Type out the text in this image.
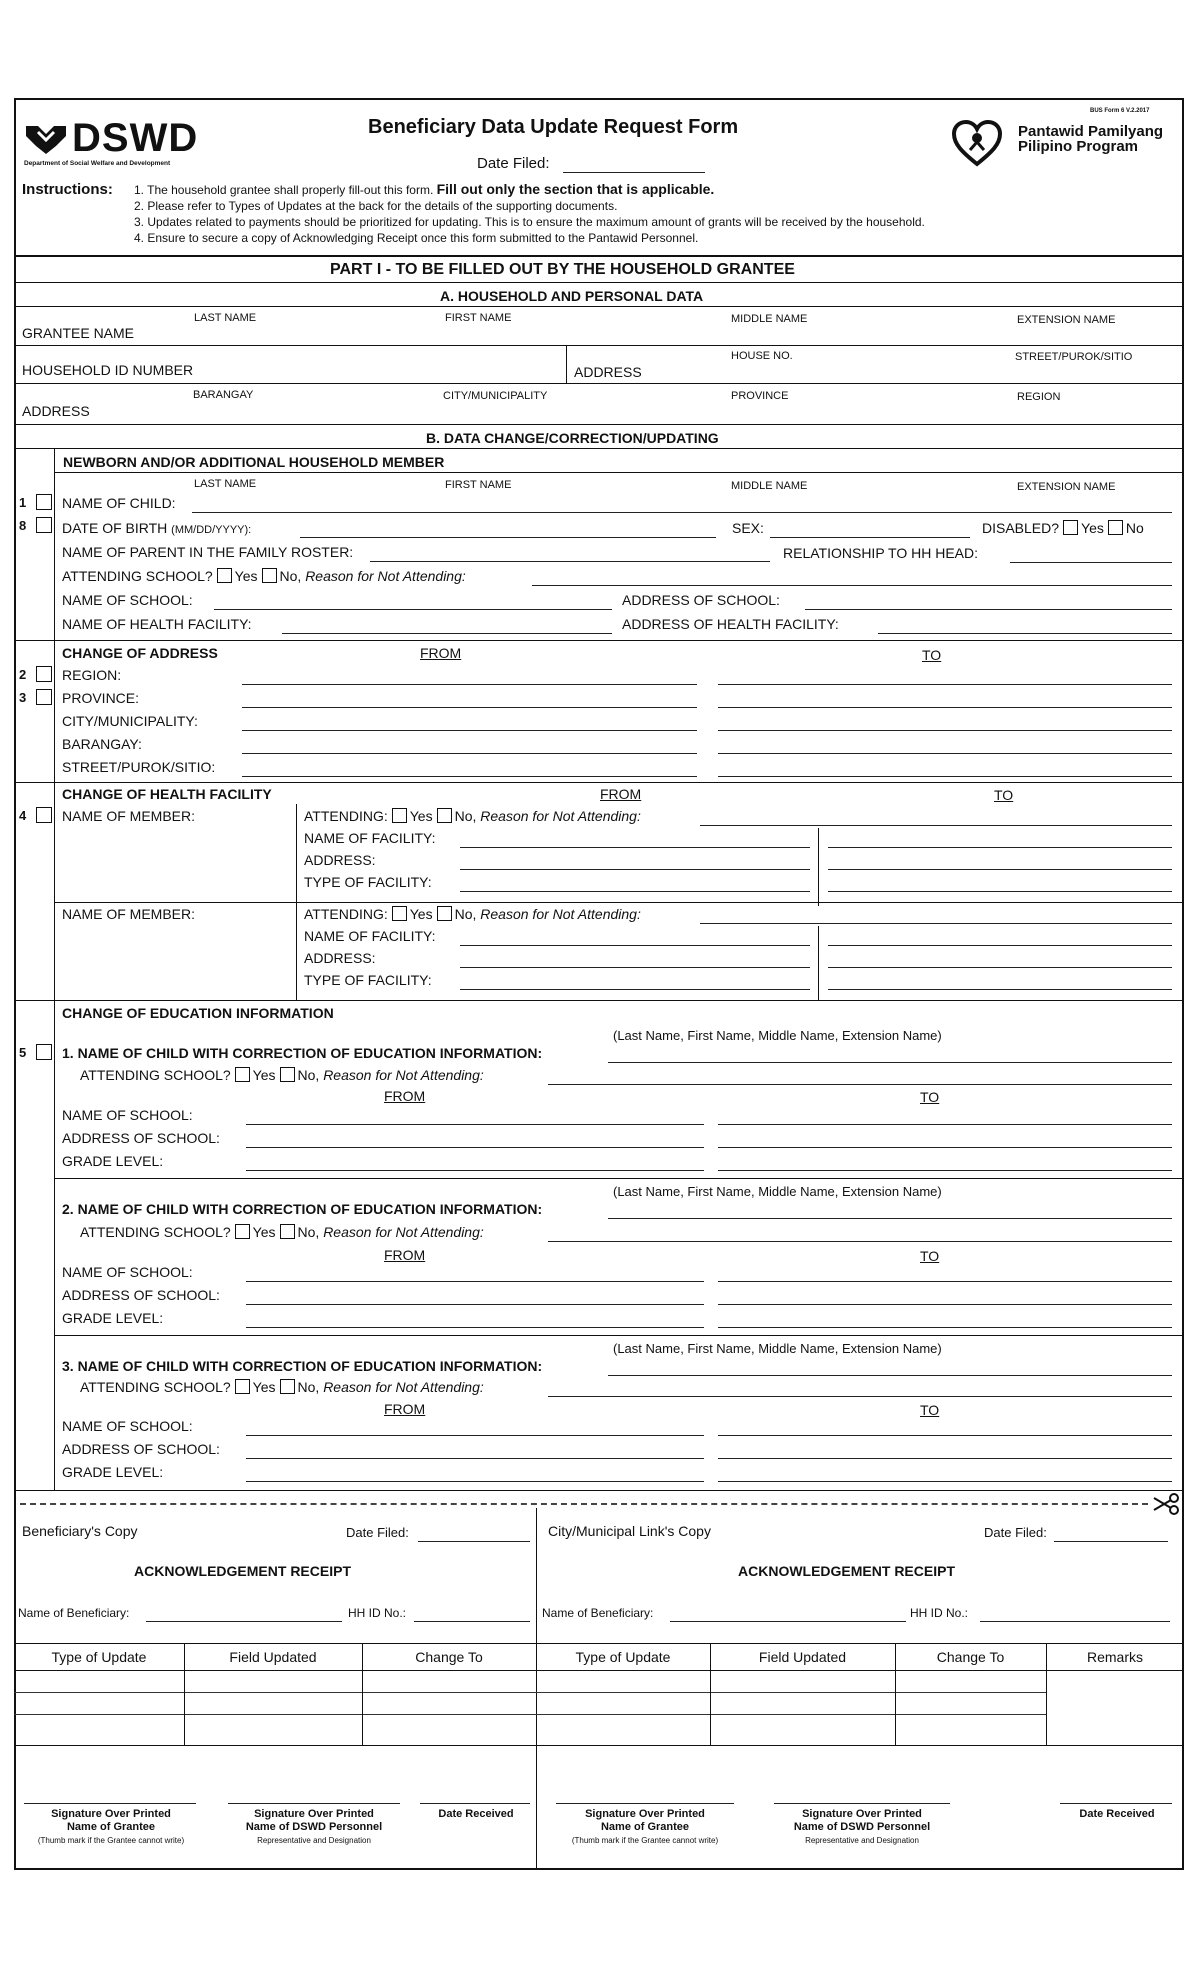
DSWD
Department of Social Welfare and Development
Beneficiary Data Update Request Form
Date Filed:
BUS Form 6 V.2.2017
Pantawid Pamilyang
Pilipino Program
Instructions: 1. The household grantee shall properly fill-out this form. Fill out only the section that is applicable.
2. Please refer to Types of Updates at the back for the details of the supporting documents.
3. Updates related to payments should be prioritized for updating. This is to ensure the maximum amount of grants will be received by the household.
4. Ensure to secure a copy of Acknowledging Receipt once this form submitted to the Pantawid Personnel.
PART I - TO BE FILLED OUT BY THE HOUSEHOLD GRANTEE
A. HOUSEHOLD AND PERSONAL DATA
LAST NAME	FIRST NAME	MIDDLE NAME	EXTENSION NAME
GRANTEE NAME
HOUSEHOLD ID NUMBER
HOUSE NO.	STREET/PUROK/SITIO
ADDRESS
BARANGAY	CITY/MUNICIPALITY	PROVINCE	REGION
ADDRESS
B. DATA CHANGE/CORRECTION/UPDATING
NEWBORN AND/OR ADDITIONAL HOUSEHOLD MEMBER
LAST NAME	FIRST NAME	MIDDLE NAME	EXTENSION NAME
1
8
NAME OF CHILD:
DATE OF BIRTH (MM/DD/YYYY):	SEX:	DISABLED? Yes No
NAME OF PARENT IN THE FAMILY ROSTER:	RELATIONSHIP TO HH HEAD:
ATTENDING SCHOOL? Yes No, Reason for Not Attending:
NAME OF SCHOOL:	ADDRESS OF SCHOOL:
NAME OF HEALTH FACILITY:	ADDRESS OF HEALTH FACILITY:
CHANGE OF ADDRESS	FROM	TO
2
3
REGION:
PROVINCE:
CITY/MUNICIPALITY:
BARANGAY:
STREET/PUROK/SITIO:
CHANGE OF HEALTH FACILITY	FROM	TO
4	NAME OF MEMBER:	ATTENDING: Yes No, Reason for Not Attending:
NAME OF FACILITY:
ADDRESS:
TYPE OF FACILITY:
NAME OF MEMBER:	ATTENDING: Yes No, Reason for Not Attending:
NAME OF FACILITY:
ADDRESS:
TYPE OF FACILITY:
CHANGE OF EDUCATION INFORMATION
5
(Last Name, First Name, Middle Name, Extension Name)
1. NAME OF CHILD WITH CORRECTION OF EDUCATION INFORMATION:
ATTENDING SCHOOL? Yes No, Reason for Not Attending:
FROM	TO
NAME OF SCHOOL:
ADDRESS OF SCHOOL:
GRADE LEVEL:
(Last Name, First Name, Middle Name, Extension Name)
2. NAME OF CHILD WITH CORRECTION OF EDUCATION INFORMATION:
ATTENDING SCHOOL? Yes No, Reason for Not Attending:
FROM	TO
NAME OF SCHOOL:
ADDRESS OF SCHOOL:
GRADE LEVEL:
(Last Name, First Name, Middle Name, Extension Name)
3. NAME OF CHILD WITH CORRECTION OF EDUCATION INFORMATION:
ATTENDING SCHOOL? Yes No, Reason for Not Attending:
FROM	TO
NAME OF SCHOOL:
ADDRESS OF SCHOOL:
GRADE LEVEL:
Beneficiary's Copy	Date Filed:
ACKNOWLEDGEMENT RECEIPT
Name of Beneficiary:	HH ID No.:
City/Municipal Link's Copy	Date Filed:
ACKNOWLEDGEMENT RECEIPT
Name of Beneficiary:	HH ID No.:
Type of Update	Field Updated	Change To	Type of Update	Field Updated	Change To	Remarks
Signature Over Printed
Name of Grantee
(Thumb mark if the Grantee cannot write)
Signature Over Printed
Name of DSWD Personnel
Representative and Designation
Date Received	Signature Over Printed
Name of Grantee
(Thumb mark if the Grantee cannot write)
Signature Over Printed
Name of DSWD Personnel
Representative and Designation
Date Received
